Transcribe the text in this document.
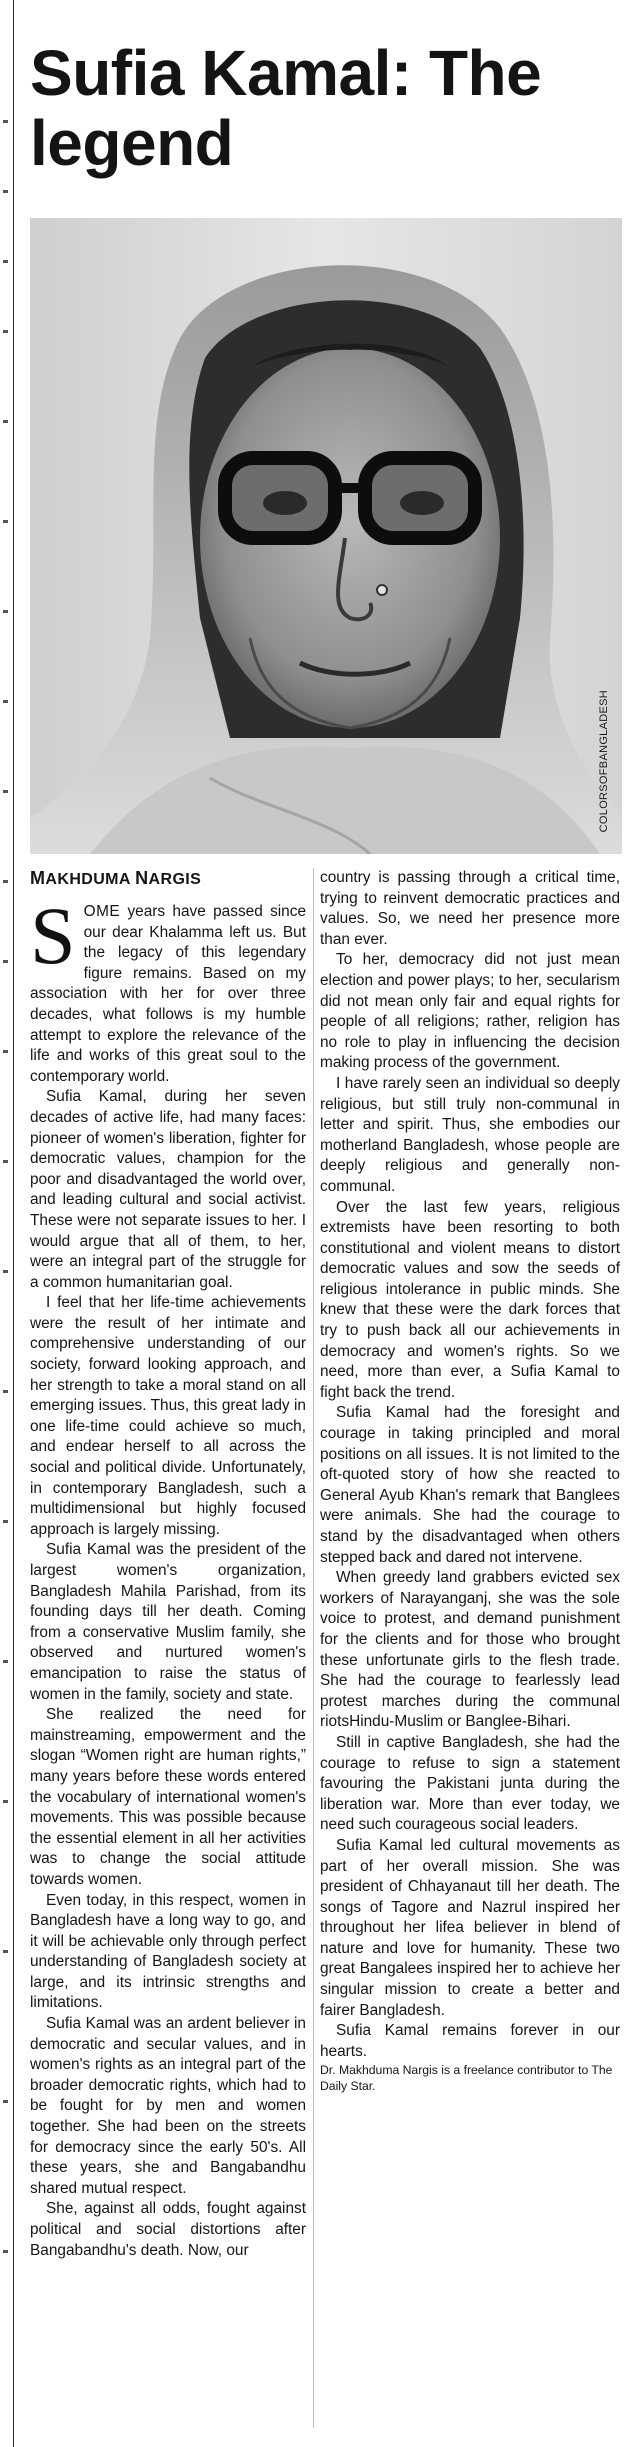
Sufia Kamal: The legend
COLORSOFBANGLADESH
MAKHDUMA NARGIS

SOME years have passed since our dear Khalamma left us. But the legacy of this legendary figure remains. Based on my association with her for over three decades, what follows is my humble attempt to explore the relevance of the life and works of this great soul to the contemporary world.

Sufia Kamal, during her seven decades of active life, had many faces: pioneer of women's liberation, fighter for democratic values, champion for the poor and disadvantaged the world over, and leading cultural and social activist. These were not separate issues to her. I would argue that all of them, to her, were an integral part of the struggle for a common humanitarian goal.

I feel that her life-time achievements were the result of her intimate and comprehensive understanding of our society, forward looking approach, and her strength to take a moral stand on all emerging issues. Thus, this great lady in one life-time could achieve so much, and endear herself to all across the social and political divide. Unfortunately, in contemporary Bangladesh, such a multidimensional but highly focused approach is largely missing.

Sufia Kamal was the president of the largest women's organization, Bangladesh Mahila Parishad, from its founding days till her death. Coming from a conservative Muslim family, she observed and nurtured women's emancipation to raise the status of women in the family, society and state.

She realized the need for mainstreaming, empowerment and the slogan “Women right are human rights,” many years before these words entered the vocabulary of international women's movements. This was possible because the essential element in all her activities was to change the social attitude towards women.

Even today, in this respect, women in Bangladesh have a long way to go, and it will be achievable only through perfect understanding of Bangladesh society at large, and its intrinsic strengths and limitations.

Sufia Kamal was an ardent believer in democratic and secular values, and in women's rights as an integral part of the broader democratic rights, which had to be fought for by men and women together. She had been on the streets for democracy since the early 50's. All these years, she and Bangabandhu shared mutual respect.

She, against all odds, fought against political and social distortions after Bangabandhu's death. Now, our

country is passing through a critical time, trying to reinvent democratic practices and values. So, we need her presence more than ever.

To her, democracy did not just mean election and power plays; to her, secularism did not mean only fair and equal rights for people of all religions; rather, religion has no role to play in influencing the decision making process of the government.

I have rarely seen an individual so deeply religious, but still truly non-communal in letter and spirit. Thus, she embodies our motherland Bangladesh, whose people are deeply religious and generally non-communal.

Over the last few years, religious extremists have been resorting to both constitutional and violent means to distort democratic values and sow the seeds of religious intolerance in public minds. She knew that these were the dark forces that try to push back all our achievements in democracy and women's rights. So we need, more than ever, a Sufia Kamal to fight back the trend.

Sufia Kamal had the foresight and courage in taking principled and moral positions on all issues. It is not limited to the oft-quoted story of how she reacted to General Ayub Khan's remark that Banglees were animals. She had the courage to stand by the disadvantaged when others stepped back and dared not intervene.

When greedy land grabbers evicted sex workers of Narayanganj, she was the sole voice to protest, and demand punishment for the clients and for those who brought these unfortunate girls to the flesh trade. She had the courage to fearlessly lead protest marches during the communal riotsHindu-Muslim or Banglee-Bihari.

Still in captive Bangladesh, she had the courage to refuse to sign a statement favouring the Pakistani junta during the liberation war. More than ever today, we need such courageous social leaders.

Sufia Kamal led cultural movements as part of her overall mission. She was president of Chhayanaut till her death. The songs of Tagore and Nazrul inspired her throughout her lifea believer in blend of nature and love for humanity. These two great Bangalees inspired her to achieve her singular mission to create a better and fairer Bangladesh.

Sufia Kamal remains forever in our hearts.

Dr. Makhduma Nargis is a freelance contributor to The Daily Star.
